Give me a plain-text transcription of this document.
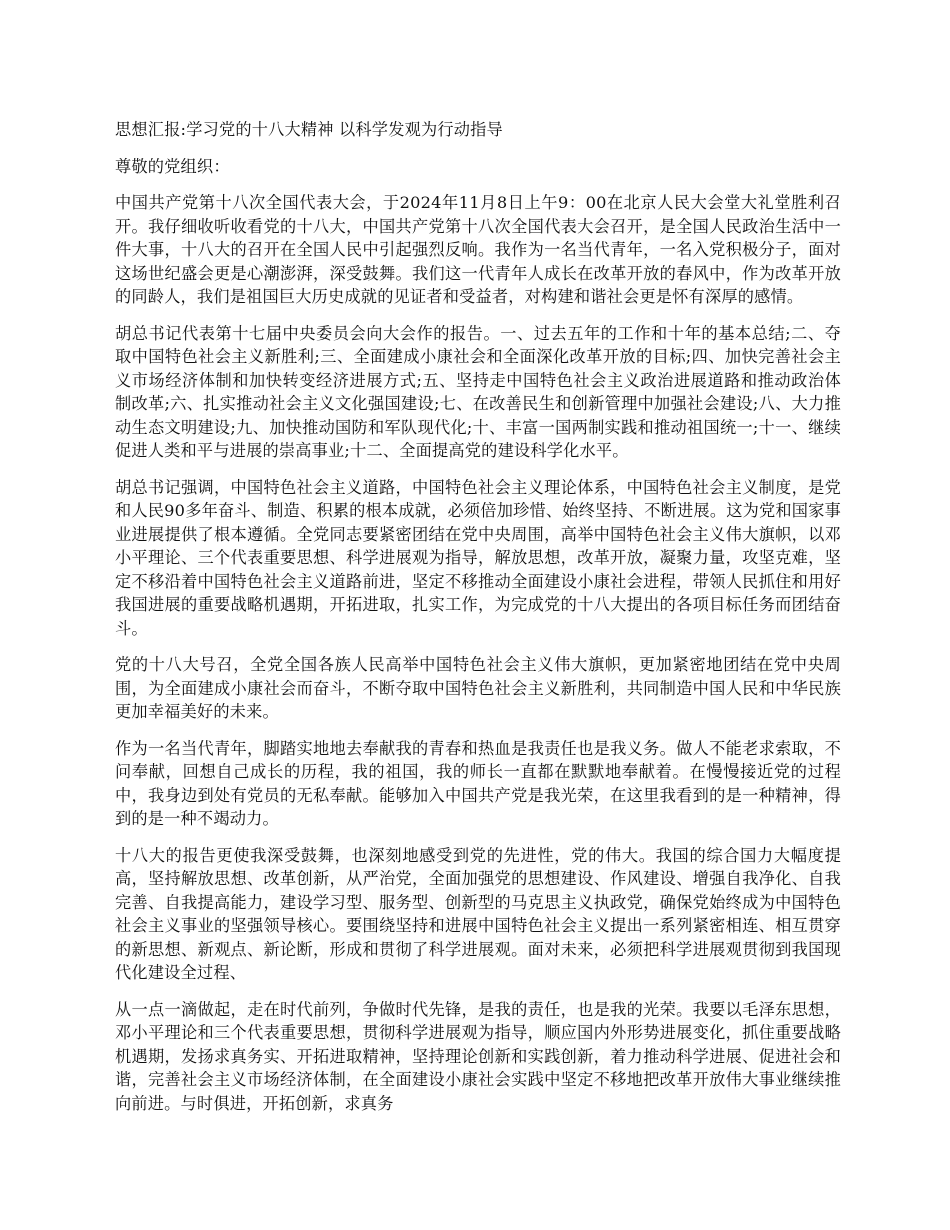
思想汇报:学习党的十八大精神 以科学发观为行动指导

尊敬的党组织：

中国共产党第十八次全国代表大会，于2024年11月8日上午9：00在北京人民大会堂大礼堂胜利召开。我仔细收听收看党的十八大，中国共产党第十八次全国代表大会召开，是全国人民政治生活中一件大事，十八大的召开在全国人民中引起强烈反响。我作为一名当代青年，一名入党积极分子，面对这场世纪盛会更是心潮澎湃，深受鼓舞。我们这一代青年人成长在改革开放的春风中，作为改革开放的同龄人，我们是祖国巨大历史成就的见证者和受益者，对构建和谐社会更是怀有深厚的感情。

胡总书记代表第十七届中央委员会向大会作的报告。一、过去五年的工作和十年的基本总结;二、夺取中国特色社会主义新胜利;三、全面建成小康社会和全面深化改革开放的目标;四、加快完善社会主义市场经济体制和加快转变经济进展方式;五、坚持走中国特色社会主义政治进展道路和推动政治体制改革;六、扎实推动社会主义文化强国建设;七、在改善民生和创新管理中加强社会建设;八、大力推动生态文明建设;九、加快推动国防和军队现代化;十、丰富一国两制实践和推动祖国统一;十一、继续促进人类和平与进展的崇高事业;十二、全面提高党的建设科学化水平。

胡总书记强调，中国特色社会主义道路，中国特色社会主义理论体系，中国特色社会主义制度，是党和人民90多年奋斗、制造、积累的根本成就，必须倍加珍惜、始终坚持、不断进展。这为党和国家事业进展提供了根本遵循。全党同志要紧密团结在党中央周围，高举中国特色社会主义伟大旗帜，以邓小平理论、三个代表重要思想、科学进展观为指导，解放思想，改革开放，凝聚力量，攻坚克难，坚定不移沿着中国特色社会主义道路前进，坚定不移推动全面建设小康社会进程，带领人民抓住和用好我国进展的重要战略机遇期，开拓进取，扎实工作，为完成党的十八大提出的各项目标任务而团结奋斗。

党的十八大号召，全党全国各族人民高举中国特色社会主义伟大旗帜，更加紧密地团结在党中央周围，为全面建成小康社会而奋斗，不断夺取中国特色社会主义新胜利，共同制造中国人民和中华民族更加幸福美好的未来。

作为一名当代青年，脚踏实地地去奉献我的青春和热血是我责任也是我义务。做人不能老求索取，不问奉献，回想自己成长的历程，我的祖国，我的师长一直都在默默地奉献着。在慢慢接近党的过程中，我身边到处有党员的无私奉献。能够加入中国共产党是我光荣，在这里我看到的是一种精神，得到的是一种不竭动力。

十八大的报告更使我深受鼓舞，也深刻地感受到党的先进性，党的伟大。我国的综合国力大幅度提高，坚持解放思想、改革创新，从严治党，全面加强党的思想建设、作风建设、增强自我净化、自我完善、自我提高能力，建设学习型、服务型、创新型的马克思主义执政党，确保党始终成为中国特色社会主义事业的坚强领导核心。要围绕坚持和进展中国特色社会主义提出一系列紧密相连、相互贯穿的新思想、新观点、新论断，形成和贯彻了科学进展观。面对未来，必须把科学进展观贯彻到我国现代化建设全过程、

从一点一滴做起，走在时代前列，争做时代先锋，是我的责任，也是我的光荣。我要以毛泽东思想，邓小平理论和三个代表重要思想，贯彻科学进展观为指导，顺应国内外形势进展变化，抓住重要战略机遇期，发扬求真务实、开拓进取精神，坚持理论创新和实践创新，着力推动科学进展、促进社会和谐，完善社会主义市场经济体制，在全面建设小康社会实践中坚定不移地把改革开放伟大事业继续推向前进。与时俱进，开拓创新，求真务
